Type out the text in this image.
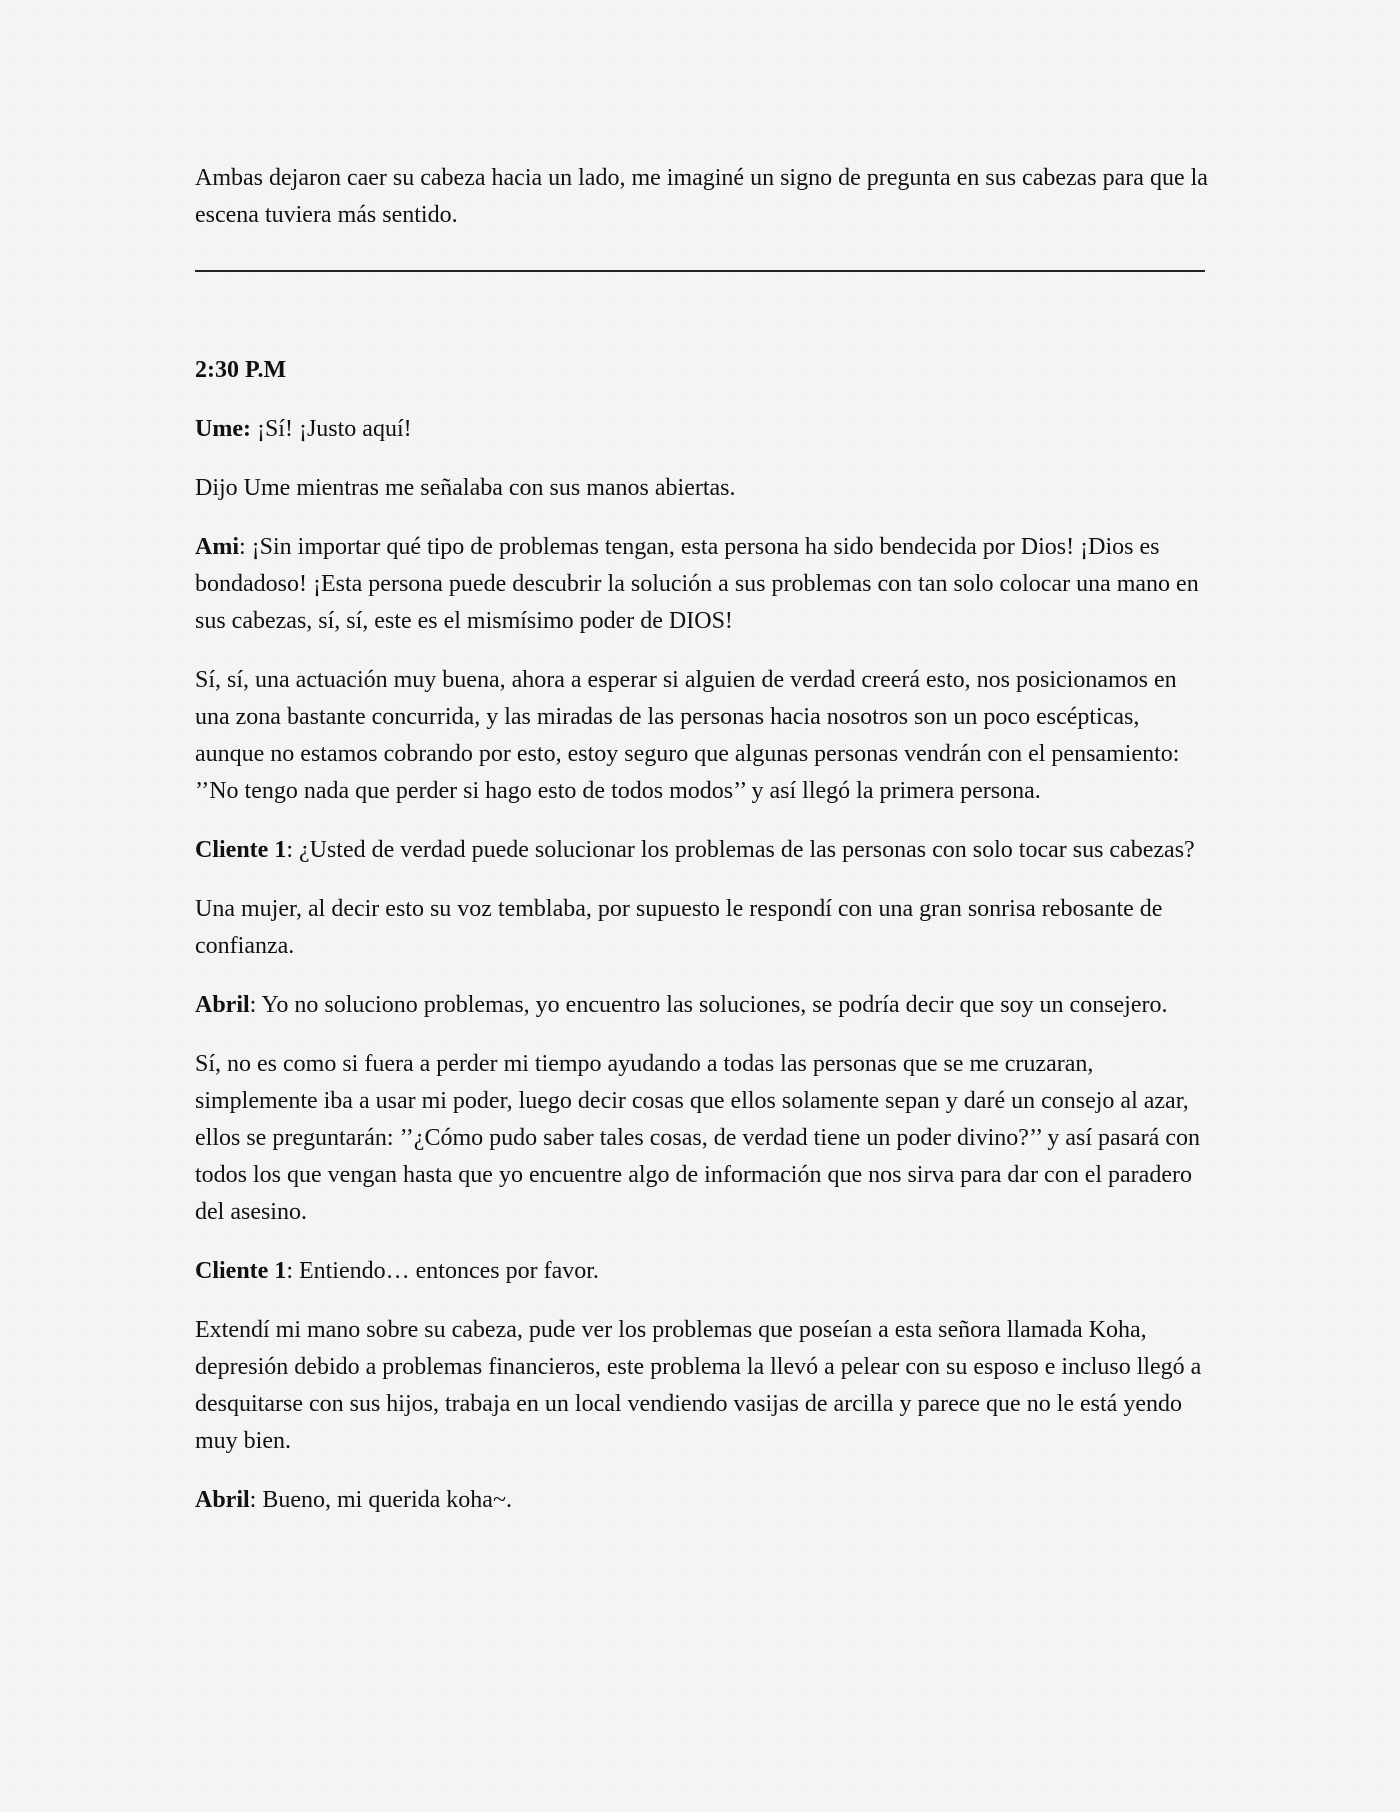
Ambas dejaron caer su cabeza hacia un lado, me imaginé un signo de pregunta en sus cabezas para que la escena tuviera más sentido.

2:30 P.M

Ume: ¡Sí! ¡Justo aquí!

Dijo Ume mientras me señalaba con sus manos abiertas.

Ami: ¡Sin importar qué tipo de problemas tengan, esta persona ha sido bendecida por Dios! ¡Dios es bondadoso! ¡Esta persona puede descubrir la solución a sus problemas con tan solo colocar una mano en sus cabezas, sí, sí, este es el mismísimo poder de DIOS!

Sí, sí, una actuación muy buena, ahora a esperar si alguien de verdad creerá esto, nos posicionamos en una zona bastante concurrida, y las miradas de las personas hacia nosotros son un poco escépticas, aunque no estamos cobrando por esto, estoy seguro que algunas personas vendrán con el pensamiento: ’’No tengo nada que perder si hago esto de todos modos’’ y así llegó la primera persona.

Cliente 1: ¿Usted de verdad puede solucionar los problemas de las personas con solo tocar sus cabezas?

Una mujer, al decir esto su voz temblaba, por supuesto le respondí con una gran sonrisa rebosante de confianza.

Abril: Yo no soluciono problemas, yo encuentro las soluciones, se podría decir que soy un consejero.

Sí, no es como si fuera a perder mi tiempo ayudando a todas las personas que se me cruzaran, simplemente iba a usar mi poder, luego decir cosas que ellos solamente sepan y daré un consejo al azar, ellos se preguntarán: ’’¿Cómo pudo saber tales cosas, de verdad tiene un poder divino?’’ y así pasará con todos los que vengan hasta que yo encuentre algo de información que nos sirva para dar con el paradero del asesino.

Cliente 1: Entiendo… entonces por favor.

Extendí mi mano sobre su cabeza, pude ver los problemas que poseían a esta señora llamada Koha, depresión debido a problemas financieros, este problema la llevó a pelear con su esposo e incluso llegó a desquitarse con sus hijos, trabaja en un local vendiendo vasijas de arcilla y parece que no le está yendo muy bien.

Abril: Bueno, mi querida koha~.
